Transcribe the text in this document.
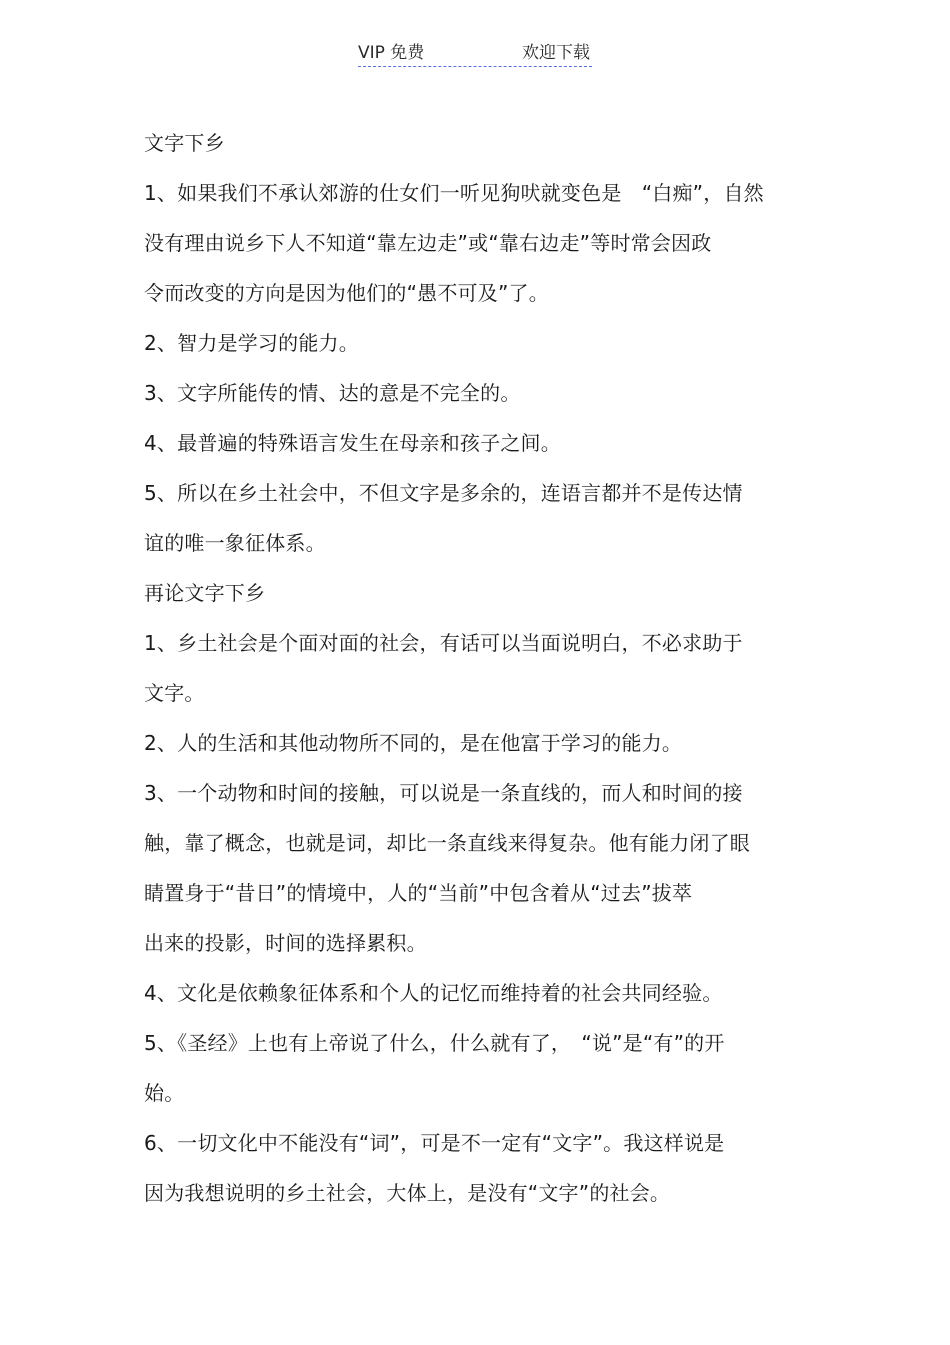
VIP 免费	欢迎下载
文字下乡
1、如果我们不承认郊游的仕女们一听见狗吠就变色是　“白痴”，自然
没有理由说乡下人不知道“靠左边走”或“靠右边走”等时常会因政
令而改变的方向是因为他们的“愚不可及”了。
2、智力是学习的能力。
3、文字所能传的情、达的意是不完全的。
4、最普遍的特殊语言发生在母亲和孩子之间。
5、所以在乡土社会中，不但文字是多余的，连语言都并不是传达情
谊的唯一象征体系。
再论文字下乡
1、乡土社会是个面对面的社会，有话可以当面说明白，不必求助于
文字。
2、人的生活和其他动物所不同的，是在他富于学习的能力。
3、一个动物和时间的接触，可以说是一条直线的，而人和时间的接
触，靠了概念，也就是词，却比一条直线来得复杂。他有能力闭了眼
睛置身于“昔日”的情境中，人的“当前”中包含着从“过去”拔萃
出来的投影，时间的选择累积。
4、文化是依赖象征体系和个人的记忆而维持着的社会共同经验。
5、《圣经》上也有上帝说了什么，什么就有了，　“说”是“有”的开
始。
6、一切文化中不能没有“词”，可是不一定有“文字”。我这样说是
因为我想说明的乡土社会，大体上，是没有“文字”的社会。
